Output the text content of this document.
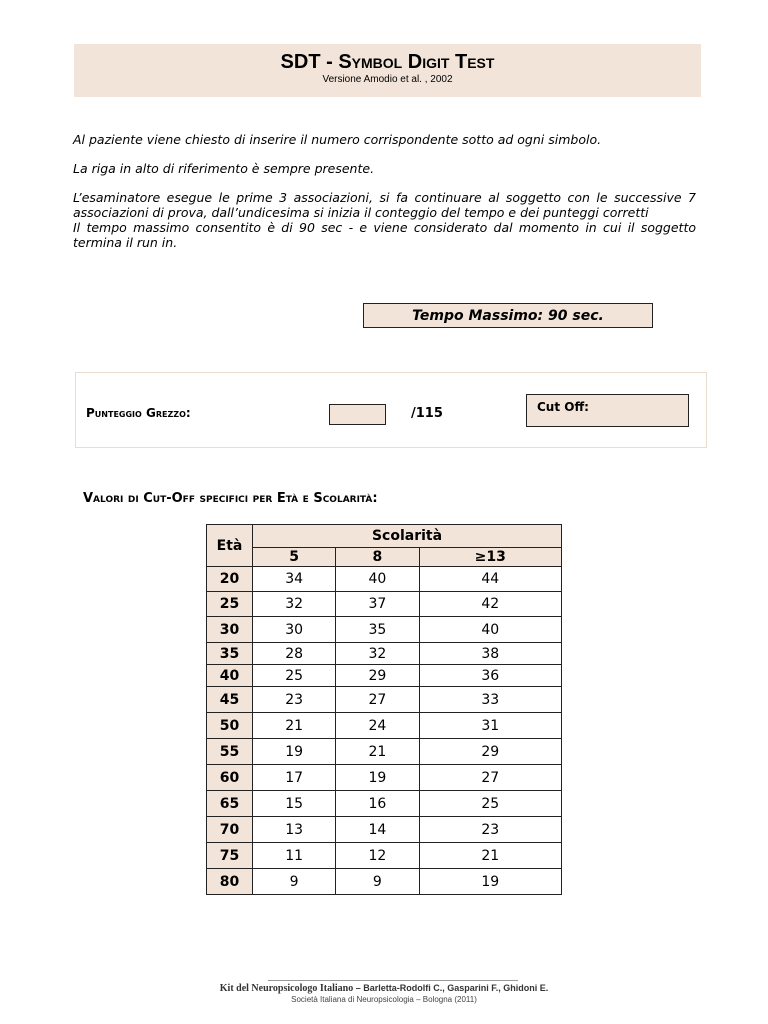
SDT - Symbol Digit Test
Versione Amodio et al. , 2002

Al paziente viene chiesto di inserire il numero corrispondente sotto ad ogni simbolo.

La riga in alto di riferimento è sempre presente.

L’esaminatore esegue le prime 3 associazioni, si fa continuare al soggetto con le successive 7 associazioni di prova, dall’undicesima si inizia il conteggio del tempo e dei punteggi corretti

Il tempo massimo consentito è di 90 sec - e viene considerato dal momento in cui il soggetto termina il run in.

Tempo Massimo: 90 sec.
Punteggio Grezzo:	/115	Cut Off:
Valori di Cut-Off specifici per Età e Scolarità:
Età	Scolarità		
	5	8	≥13
20	34	40	44
25	32	37	42
30	30	35	40
35	28	32	38
40	25	29	36
45	23	27	33
50	21	24	31
55	19	21	29
60	17	19	27
65	15	16	25
70	13	14	23
75	11	12	21
80	9	9	19
Kit del Neuropsicologo Italiano – Barletta-Rodolfi C., Gasparini F., Ghidoni E.
Società Italiana di Neuropsicologia – Bologna (2011)
